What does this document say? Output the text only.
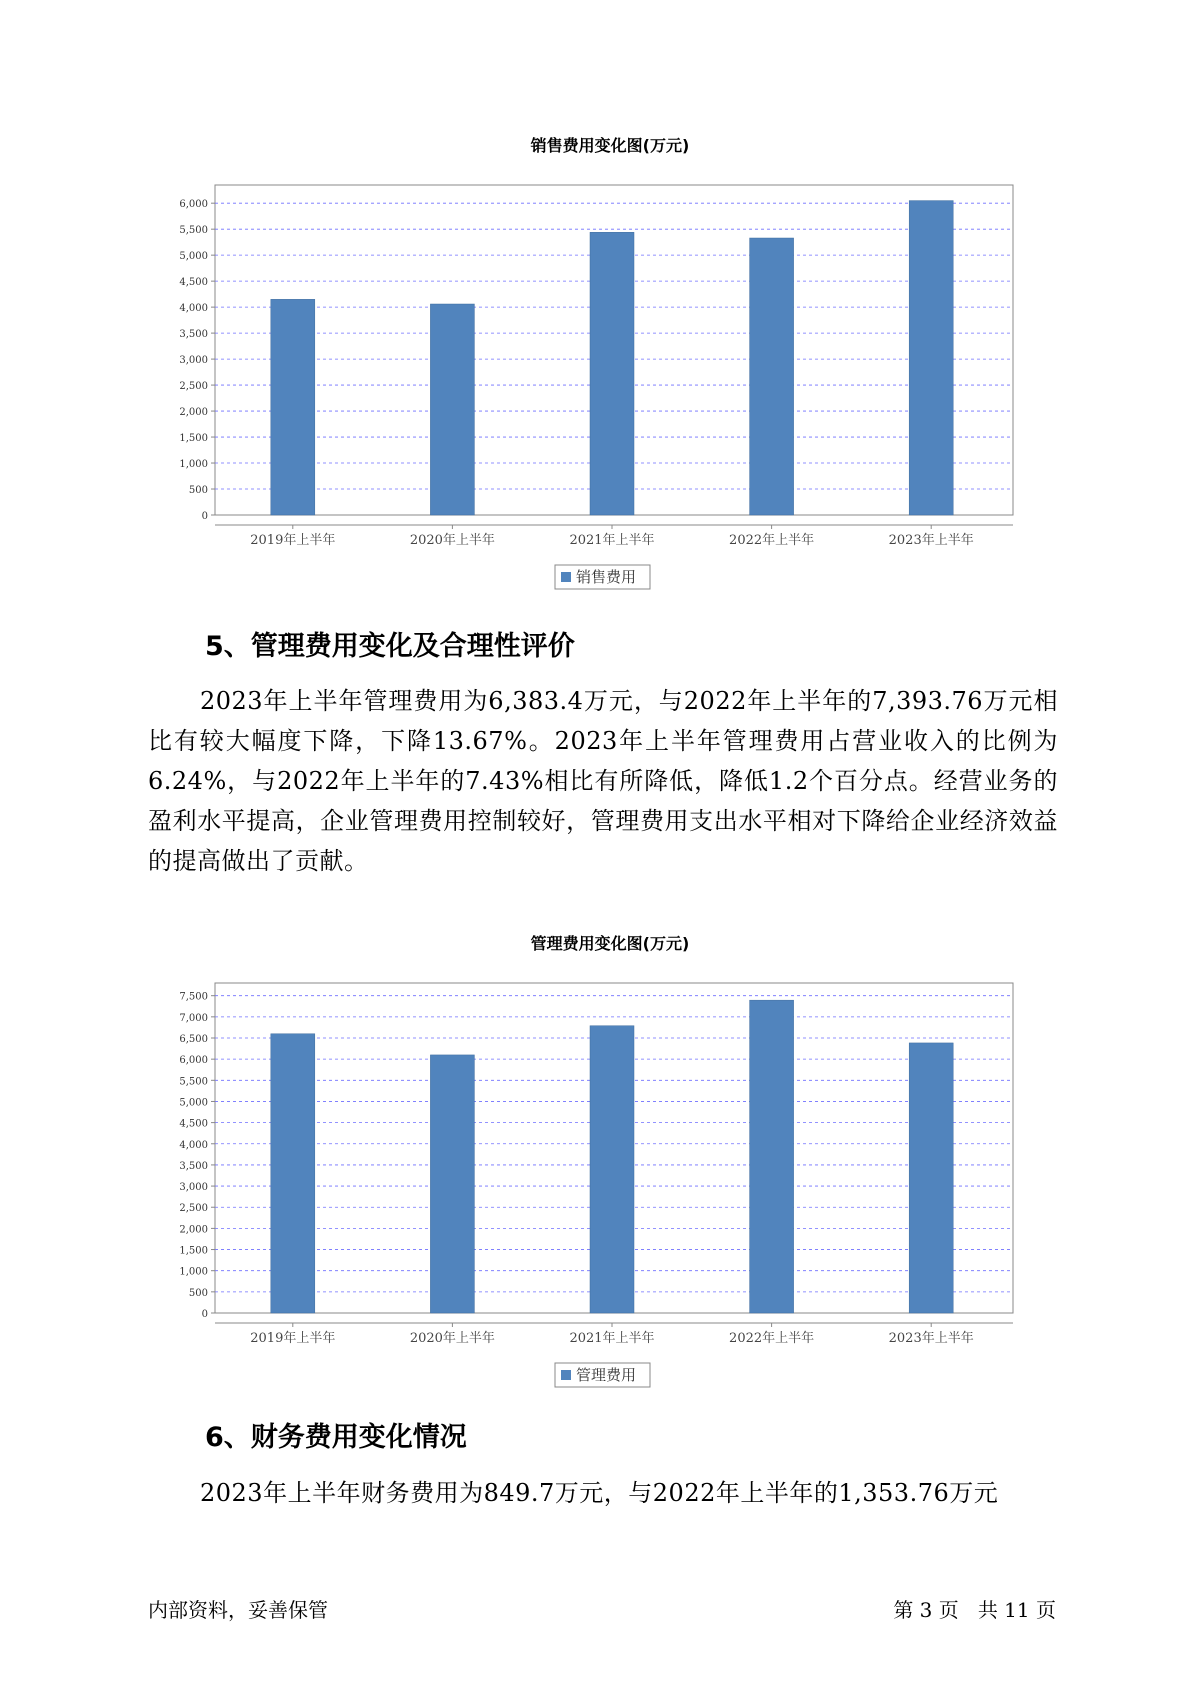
销售费用变化图(万元)
0
500
1,000
1,500
2,000
2,500
3,000
3,500
4,000
4,500
5,000
5,500
6,000
2019年上半年	2020年上半年	2021年上半年	2022年上半年	2023年上半年
销售费用
5、管理费用变化及合理性评价

2023年上半年管理费用为6,383.4万元，与2022年上半年的7,393.76万元相比有较大幅度下降，下降13.67%。2023年上半年管理费用占营业收入的比例为6.24%，与2022年上半年的7.43%相比有所降低，降低1.2个百分点。经营业务的盈利水平提高，企业管理费用控制较好，管理费用支出水平相对下降给企业经济效益的提高做出了贡献。

管理费用变化图(万元)
0
500
1,000
1,500
2,000
2,500
3,000
3,500
4,000
4,500
5,000
5,500
6,000
6,500
7,000
7,500
2019年上半年	2020年上半年	2021年上半年	2022年上半年	2023年上半年
管理费用
6、财务费用变化情况

2023年上半年财务费用为849.7万元，与2022年上半年的1,353.76万元

内部资料，妥善保管	第 3 页   共 11 页
